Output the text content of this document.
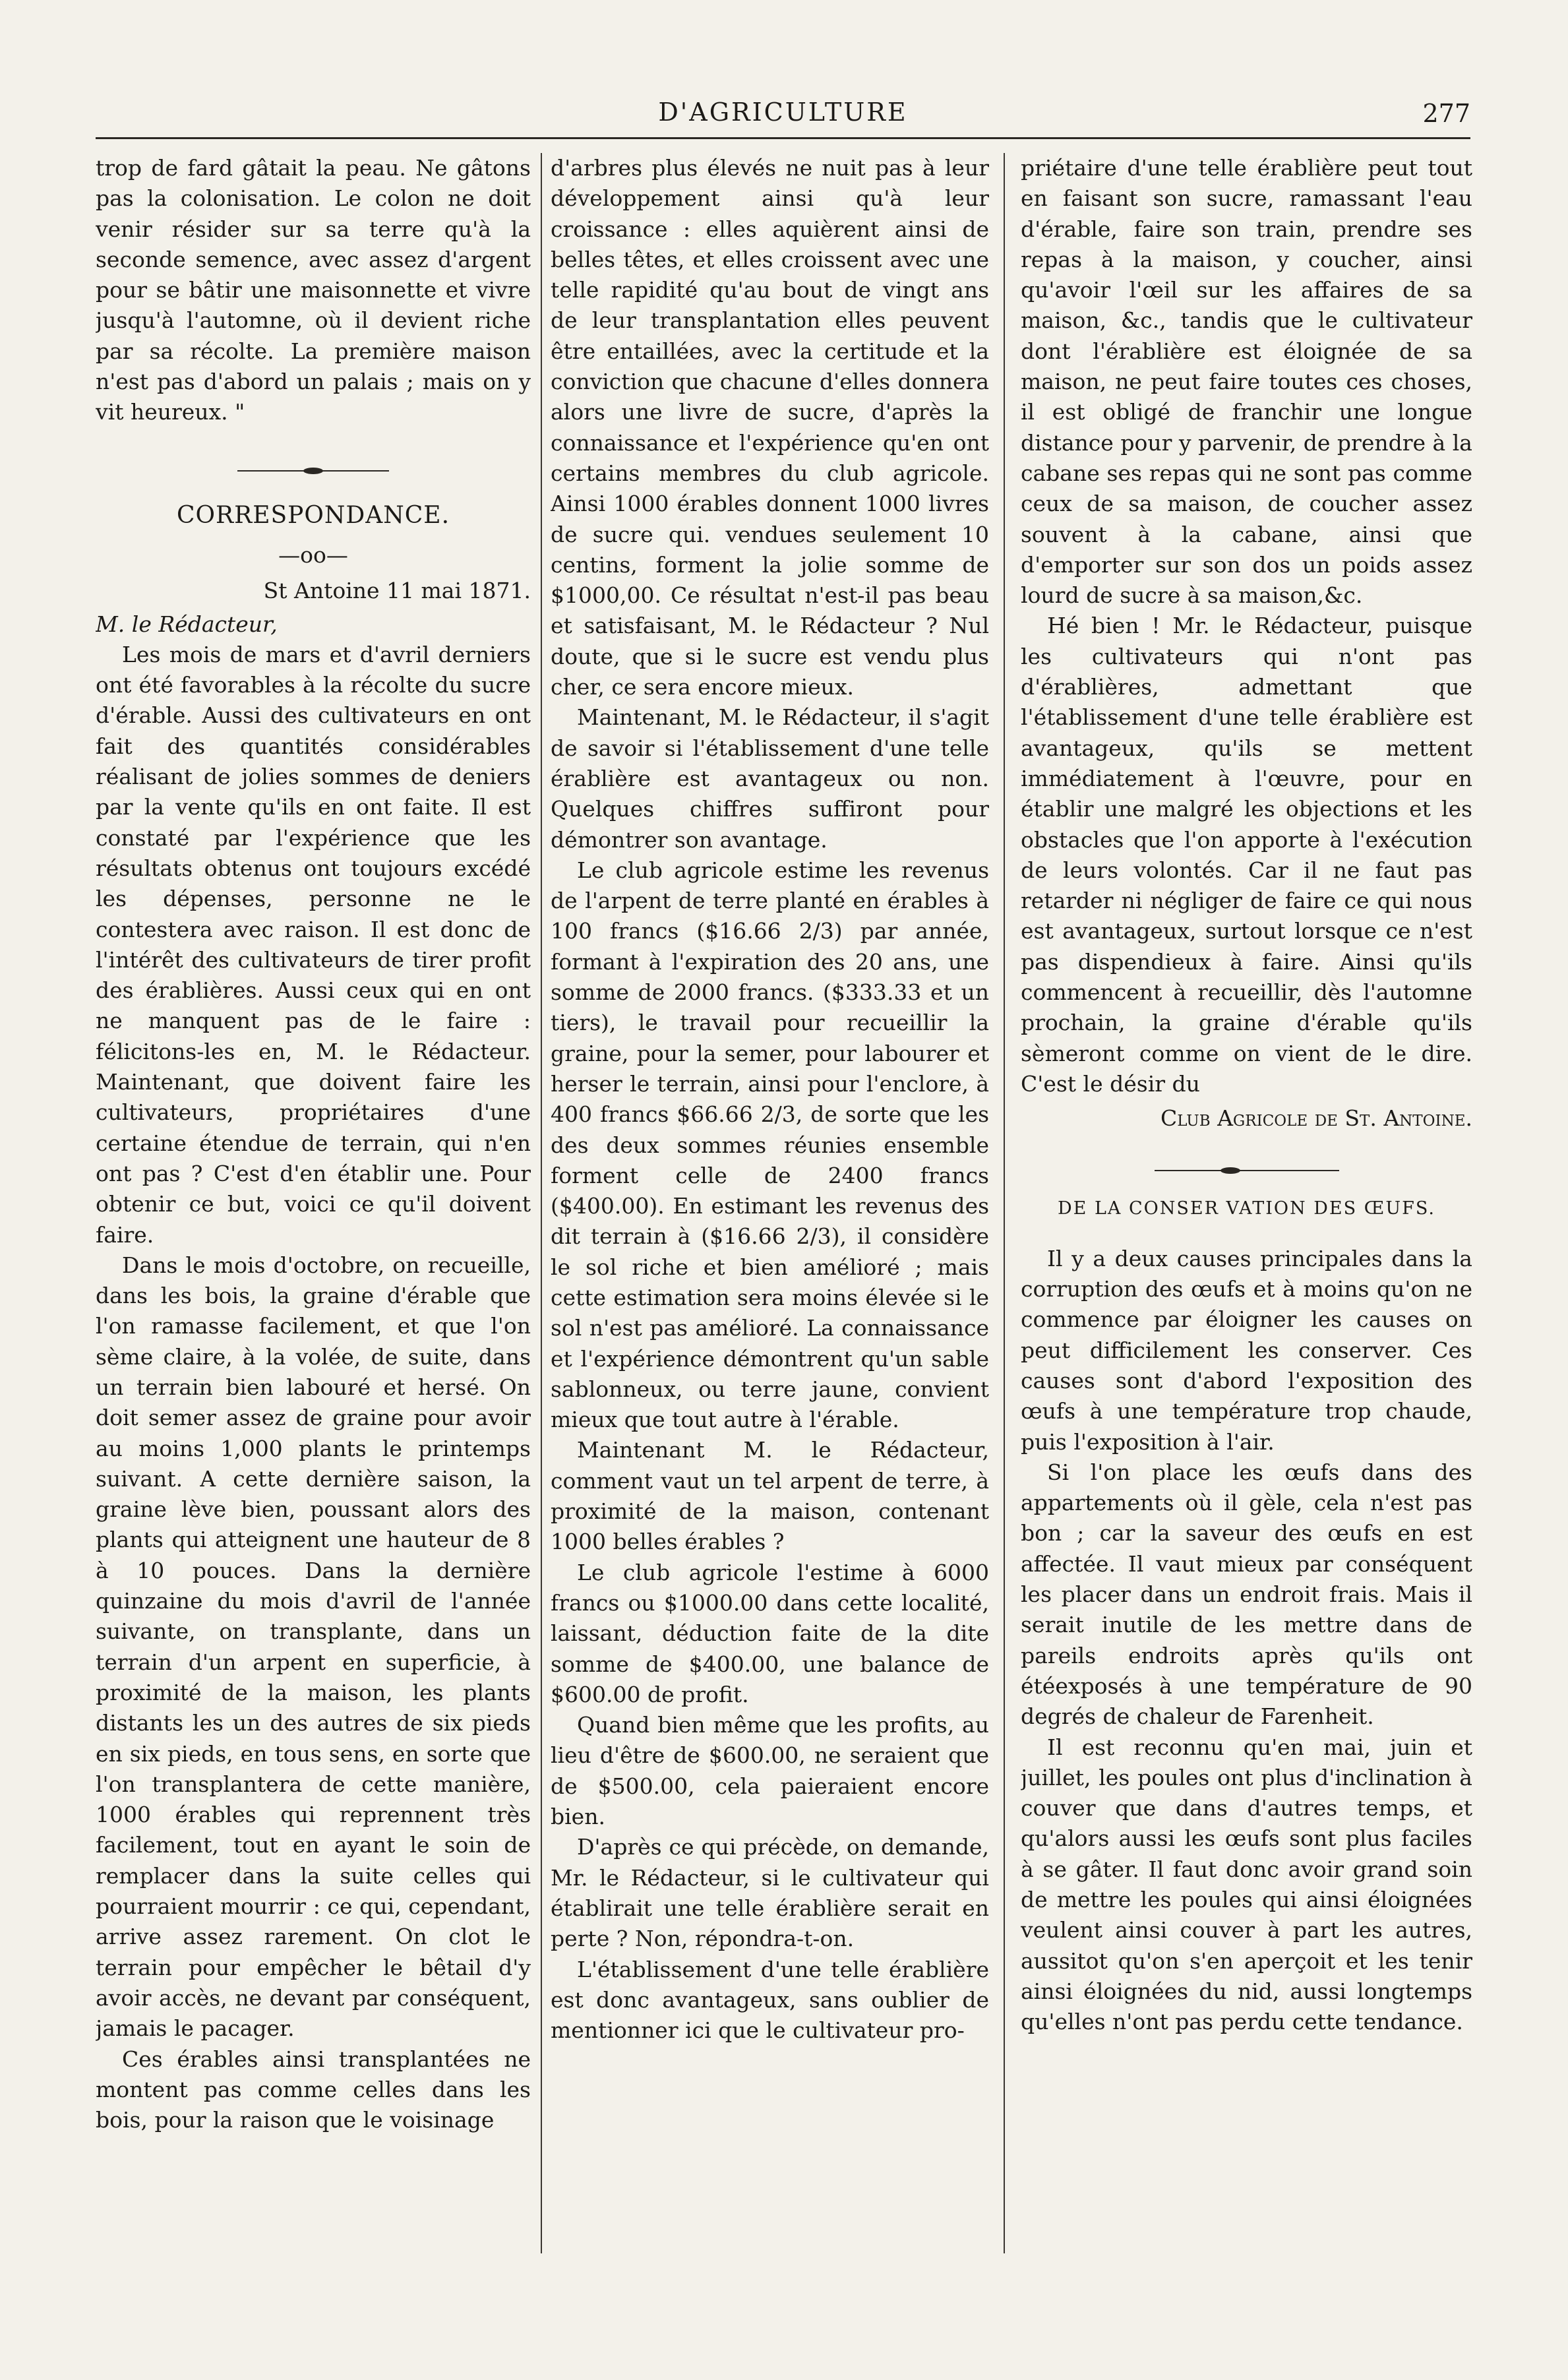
D'AGRICULTURE	277

trop de fard gâtait la peau. Ne gâtons pas la colonisation. Le colon ne doit venir résider sur sa terre qu'à la seconde semence, avec assez d'argent pour se bâtir une maisonnette et vivre jusqu'à l'automne, où il devient riche par sa récolte. La première maison n'est pas d'abord un palais ; mais on y vit heureux. "

CORRESPONDANCE.
—oo—
St Antoine 11 mai 1871.

M. le Rédacteur,

Les mois de mars et d'avril derniers ont été favorables à la récolte du sucre d'érable. Aussi des cultivateurs en ont fait des quantités considérables réalisant de jolies sommes de deniers par la vente qu'ils en ont faite. Il est constaté par l'expérience que les résultats obtenus ont toujours excédé les dépenses, personne ne le contestera avec raison. Il est donc de l'intérêt des cultivateurs de tirer profit des érablières. Aussi ceux qui en ont ne manquent pas de le faire : félicitons-les en, M. le Rédacteur. Maintenant, que doivent faire les cultivateurs, propriétaires d'une certaine étendue de terrain, qui n'en ont pas ? C'est d'en établir une. Pour obtenir ce but, voici ce qu'il doivent faire.

Dans le mois d'octobre, on recueille, dans les bois, la graine d'érable que l'on ramasse facilement, et que l'on sème claire, à la volée, de suite, dans un terrain bien labouré et hersé. On doit semer assez de graine pour avoir au moins 1,000 plants le printemps suivant. A cette dernière saison, la graine lève bien, poussant alors des plants qui atteignent une hauteur de 8 à 10 pouces. Dans la dernière quinzaine du mois d'avril de l'année suivante, on transplante, dans un terrain d'un arpent en superficie, à proximité de la maison, les plants distants les un des autres de six pieds en six pieds, en tous sens, en sorte que l'on transplantera de cette manière, 1000 érables qui reprennent très facilement, tout en ayant le soin de remplacer dans la suite celles qui pourraient mourrir : ce qui, cependant, arrive assez rarement. On clot le terrain pour empêcher le bêtail d'y avoir accès, ne devant par conséquent, jamais le pacager.

Ces érables ainsi transplantées ne montent pas comme celles dans les bois, pour la raison que le voisinage

d'arbres plus élevés ne nuit pas à leur développement ainsi qu'à leur croissance : elles aquièrent ainsi de belles têtes, et elles croissent avec une telle rapidité qu'au bout de vingt ans de leur transplantation elles peuvent être entaillées, avec la certitude et la conviction que chacune d'elles donnera alors une livre de sucre, d'après la connaissance et l'expérience qu'en ont certains membres du club agricole. Ainsi 1000 érables donnent 1000 livres de sucre qui. vendues seulement 10 centins, forment la jolie somme de $1000,00. Ce résultat n'est-il pas beau et satisfaisant, M. le Rédacteur ? Nul doute, que si le sucre est vendu plus cher, ce sera encore mieux.

Maintenant, M. le Rédacteur, il s'agit de savoir si l'établissement d'une telle érablière est avantageux ou non. Quelques chiffres suffiront pour démontrer son avantage.

Le club agricole estime les revenus de l'arpent de terre planté en érables à 100 francs ($16.66 2/3) par année, formant à l'expiration des 20 ans, une somme de 2000 francs. ($333.33 et un tiers), le travail pour recueillir la graine, pour la semer, pour labourer et herser le terrain, ainsi pour l'enclore, à 400 francs $66.66 2/3, de sorte que les des deux sommes réunies ensemble forment celle de 2400 francs ($400.00). En estimant les revenus des dit terrain à ($16.66 2/3), il considère le sol riche et bien amélioré ; mais cette estimation sera moins élevée si le sol n'est pas amélioré. La connaissance et l'expérience démontrent qu'un sable sablonneux, ou terre jaune, convient mieux que tout autre à l'érable.

Maintenant M. le Rédacteur, comment vaut un tel arpent de terre, à proximité de la maison, contenant 1000 belles érables ?

Le club agricole l'estime à 6000 francs ou $1000.00 dans cette localité, laissant, déduction faite de la dite somme de $400.00, une balance de $600.00 de profit.

Quand bien même que les profits, au lieu d'être de $600.00, ne seraient que de $500.00, cela paieraient encore bien.

D'après ce qui précède, on demande, Mr. le Rédacteur, si le cultivateur qui établirait une telle érablière serait en perte ? Non, répondra-t-on.

L'établissement d'une telle érablière est donc avantageux, sans oublier de mentionner ici que le cultivateur pro-

priétaire d'une telle érablière peut tout en faisant son sucre, ramassant l'eau d'érable, faire son train, prendre ses repas à la maison, y coucher, ainsi qu'avoir l'œil sur les affaires de sa maison, &c., tandis que le cultivateur dont l'érablière est éloignée de sa maison, ne peut faire toutes ces choses, il est obligé de franchir une longue distance pour y parvenir, de prendre à la cabane ses repas qui ne sont pas comme ceux de sa maison, de coucher assez souvent à la cabane, ainsi que d'emporter sur son dos un poids assez lourd de sucre à sa maison,&c.

Hé bien ! Mr. le Rédacteur, puisque les cultivateurs qui n'ont pas d'érablières, admettant que l'établissement d'une telle érablière est avantageux, qu'ils se mettent immédiatement à l'œuvre, pour en établir une malgré les objections et les obstacles que l'on apporte à l'exécution de leurs volontés. Car il ne faut pas retarder ni négliger de faire ce qui nous est avantageux, surtout lorsque ce n'est pas dispendieux à faire. Ainsi qu'ils commencent à recueillir, dès l'automne prochain, la graine d'érable qu'ils sèmeront comme on vient de le dire. C'est le désir du

Club Agricole de St. Antoine.
DE LA CONSER VATION DES ŒUFS.

Il y a deux causes principales dans la corruption des œufs et à moins qu'on ne commence par éloigner les causes on peut difficilement les conserver. Ces causes sont d'abord l'exposition des œufs à une température trop chaude, puis l'exposition à l'air.

Si l'on place les œufs dans des appartements où il gèle, cela n'est pas bon ; car la saveur des œufs en est affectée. Il vaut mieux par conséquent les placer dans un endroit frais. Mais il serait inutile de les mettre dans de pareils endroits après qu'ils ont étéexposés à une température de 90 degrés de chaleur de Farenheit.

Il est reconnu qu'en mai, juin et juillet, les poules ont plus d'inclination à couver que dans d'autres temps, et qu'alors aussi les œufs sont plus faciles à se gâter. Il faut donc avoir grand soin de mettre les poules qui ainsi éloignées veulent ainsi couver à part les autres, aussitot qu'on s'en aperçoit et les tenir ainsi éloignées du nid, aussi longtemps qu'elles n'ont pas perdu cette tendance.
